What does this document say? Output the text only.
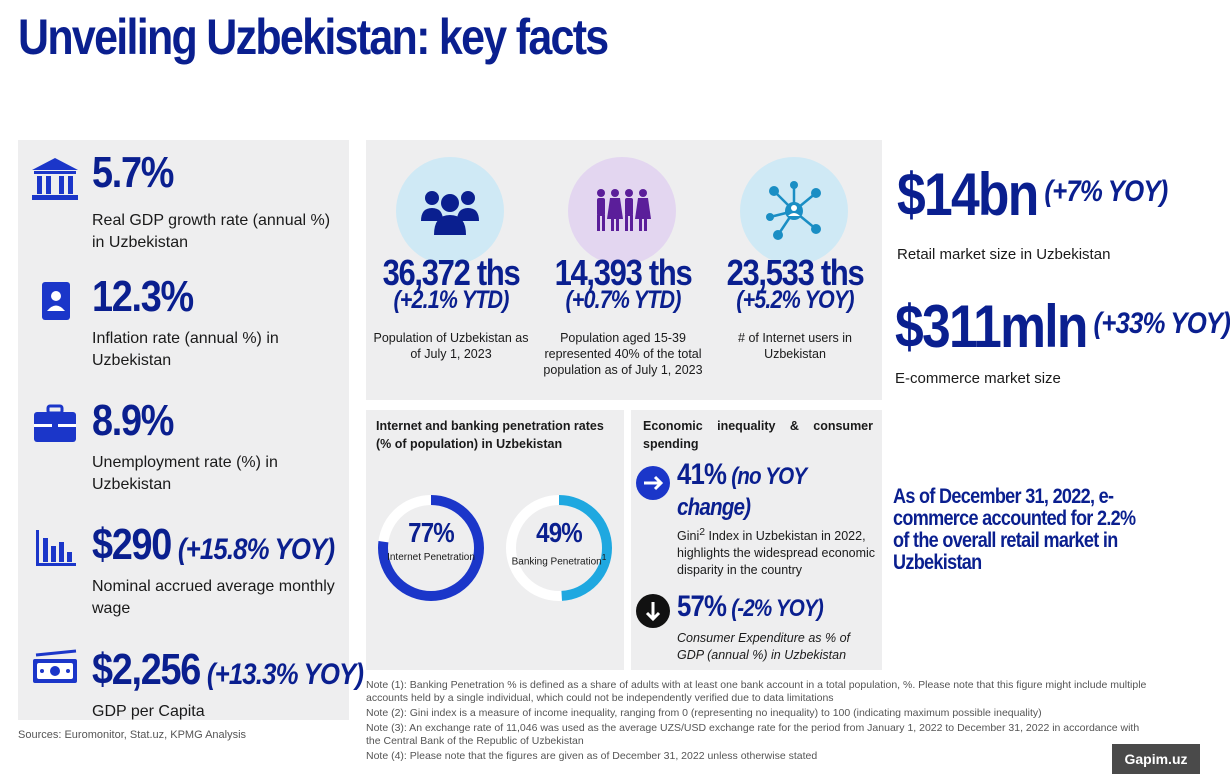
Unveiling Uzbekistan: key facts
5.7%
Real GDP growth rate (annual %) in Uzbekistan
12.3%
Inflation rate (annual %) in Uzbekistan
8.9%
Unemployment rate (%) in Uzbekistan
$290 (+15.8% YOY)
Nominal accrued average monthly wage
$2,256 (+13.3% YOY)
GDP per Capita
Sources: Euromonitor, Stat.uz, KPMG Analysis
36,372 ths
(+2.1% YTD)
Population of Uzbekistan as of July 1, 2023
14,393 ths
(+0.7% YTD)
Population aged 15-39 represented 40% of the total population as of July 1, 2023
23,533 ths
(+5.2% YOY)
# of Internet users in Uzbekistan
Internet and banking penetration rates (% of population) in Uzbekistan
77%
Internet Penetration
49%
Banking Penetration$^1$
Economic inequality & consumer spending
41% (no YOY
change)
Gini$^2$ Index in Uzbekistan in 2022, highlights the widespread economic disparity in the country
57% (-2% YOY)
Consumer Expenditure as % of GDP (annual %) in Uzbekistan
$14bn $^{(+7\% YOY)}$
Retail market size in Uzbekistan
$311mln $^{(+33\% YOY)}$
E-commerce market size
As of December 31, 2022, e-commerce accounted for 2.2% of the overall retail market in Uzbekistan
Note (1): Banking Penetration % is defined as a share of adults with at least one bank account in a total population, %. Please note that this figure might include multiple accounts held by a single individual, which could not be independently verified due to data limitations
Note (2): Gini index is a measure of income inequality, ranging from 0 (representing no inequality) to 100 (indicating maximum possible inequality)
Note (3): An exchange rate of 11,046 was used as the average UZS/USD exchange rate for the period from January 1, 2022 to December 31, 2022 in accordance with the Central Bank of the Republic of Uzbekistan
Note (4): Please note that the figures are given as of December 31, 2022 unless otherwise stated	Gapim.uz
